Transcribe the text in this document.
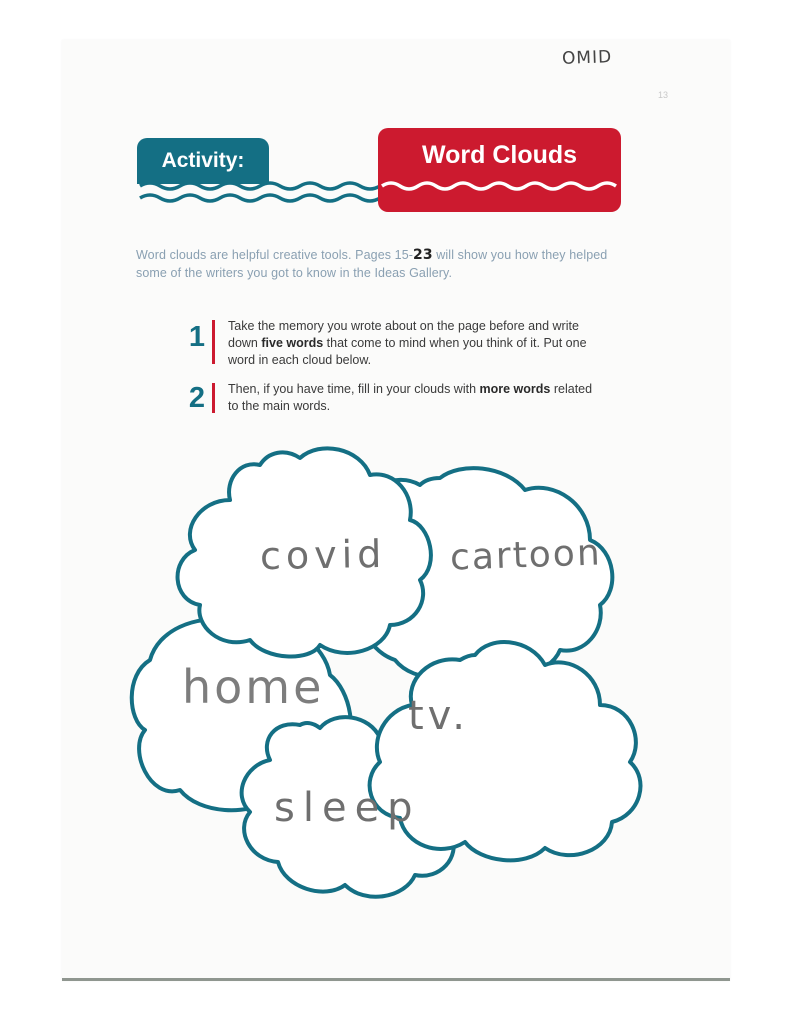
OMID
13
Activity:	Word Clouds
Word clouds are helpful creative tools. Pages 15-23 will show you how they helped some of the writers you got to know in the Ideas Gallery.
1 Take the memory you wrote about on the page before and write down five words that come to mind when you think of it. Put one word in each cloud below.
2 Then, if you have time, fill in your clouds with more words related to the main words.
covid cartoon
home
tv.
sleep
